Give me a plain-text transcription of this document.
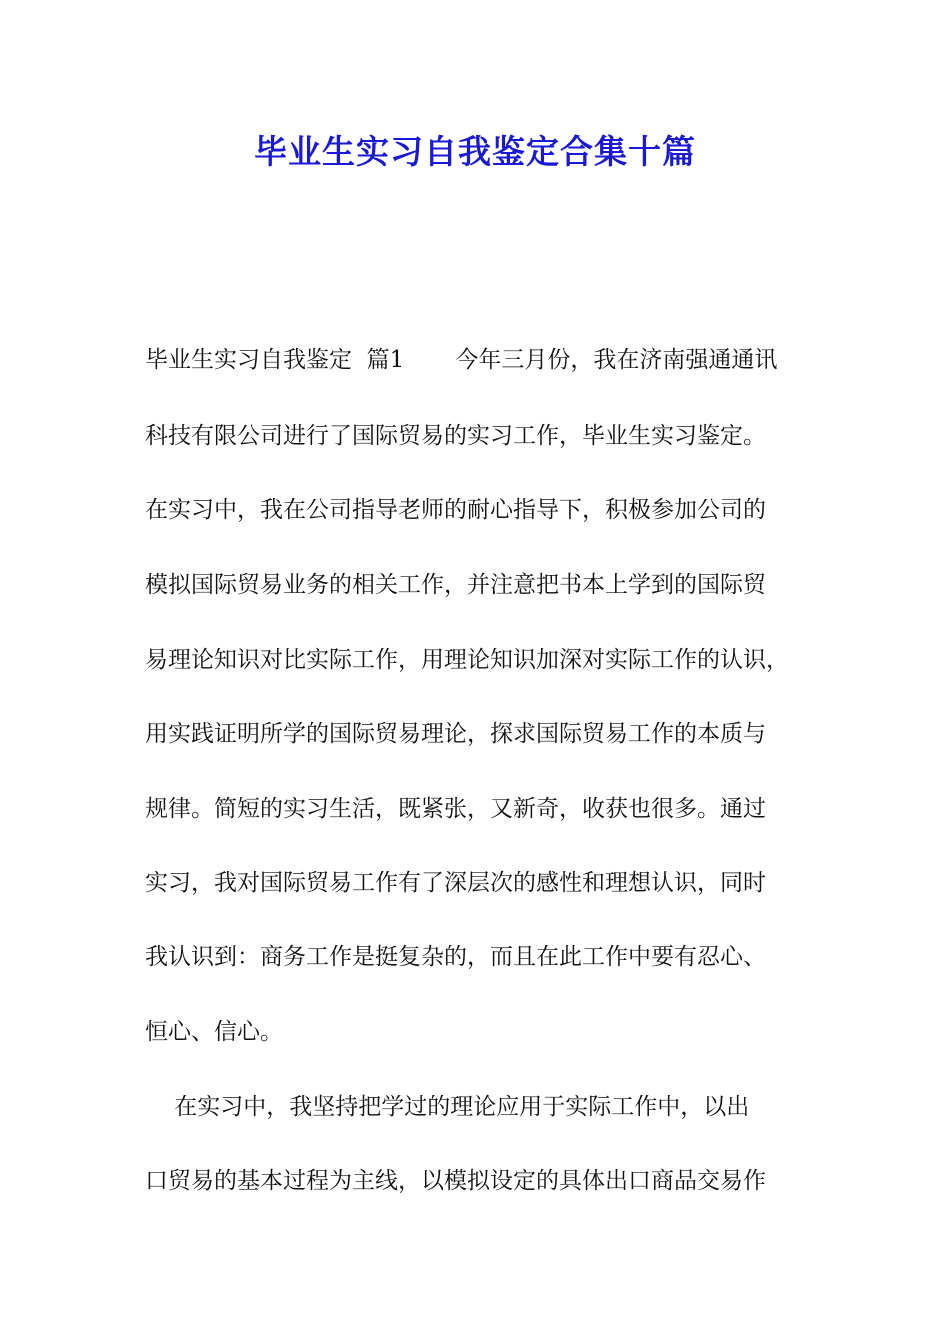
毕业生实习自我鉴定合集十篇

毕业生实习自我鉴定  篇1       今年三月份，我在济南强通通讯

科技有限公司进行了国际贸易的实习工作，毕业生实习鉴定。

在实习中，我在公司指导老师的耐心指导下，积极参加公司的

模拟国际贸易业务的相关工作，并注意把书本上学到的国际贸

易理论知识对比实际工作，用理论知识加深对实际工作的认识，

用实践证明所学的国际贸易理论，探求国际贸易工作的本质与

规律。简短的实习生活，既紧张，又新奇，收获也很多。通过

实习，我对国际贸易工作有了深层次的感性和理想认识，同时

我认识到：商务工作是挺复杂的，而且在此工作中要有忍心、

恒心、信心。

在实习中，我坚持把学过的理论应用于实际工作中，以出

口贸易的基本过程为主线，以模拟设定的具体出口商品交易作
